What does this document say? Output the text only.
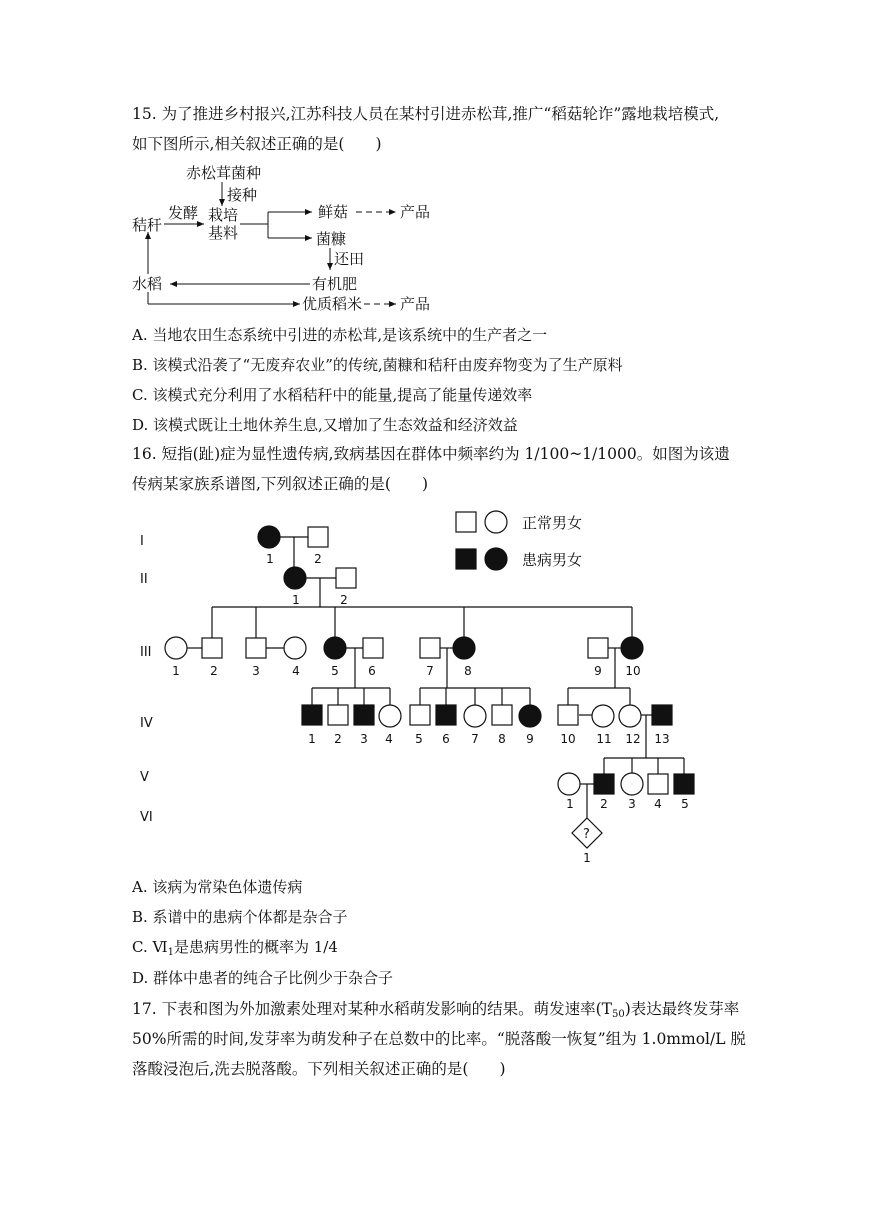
15. 为了推进乡村报兴,江苏科技人员在某村引进赤松茸,推广“稻菇轮诈”露地栽培模式,
如下图所示,相关叙述正确的是(　　)
赤松茸菌种
接种
秸秆
发酵 栽培
基料
鲜菇	产品
菌糠
还田
有机肥
水稻
优质稻米	产品
A. 当地农田生态系统中引进的赤松茸,是该系统中的生产者之一
B. 该模式沿袭了“无废弃农业”的传统,菌糠和秸秆由废弃物变为了生产原料
C. 该模式充分利用了水稻秸秆中的能量,提高了能量传递效率
D. 该模式既让土地休养生息,又增加了生态效益和经济效益
16. 短指(趾)症为显性遗传病,致病基因在群体中频率约为 1/100~1/1000。如图为该遗
传病某家族系谱图,下列叙述正确的是(　　)
I
II
III
IV
V
VI
?
1	2
1	2
1	2	3	4	5 6	7	8	9 10
1 2 3 4 5 6 7 8 9 10 11 12 13
1 2 3 4 5
1
正常男女
患病男女
A. 该病为常染色体遗传病
B. 系谱中的患病个体都是杂合子
C. $Ⅵ_1$是患病男性的概率为 1/4
D. 群体中患者的纯合子比例少于杂合子
17. 下表和图为外加激素处理对某种水稻萌发影响的结果。萌发速率$(T_{50})$表达最终发芽率
50%所需的时间,发芽率为萌发种子在总数中的比率。“脱落酸一恢复”组为 1.0mmol/L 脱
落酸浸泡后,洗去脱落酸。下列相关叙述正确的是(　　)
